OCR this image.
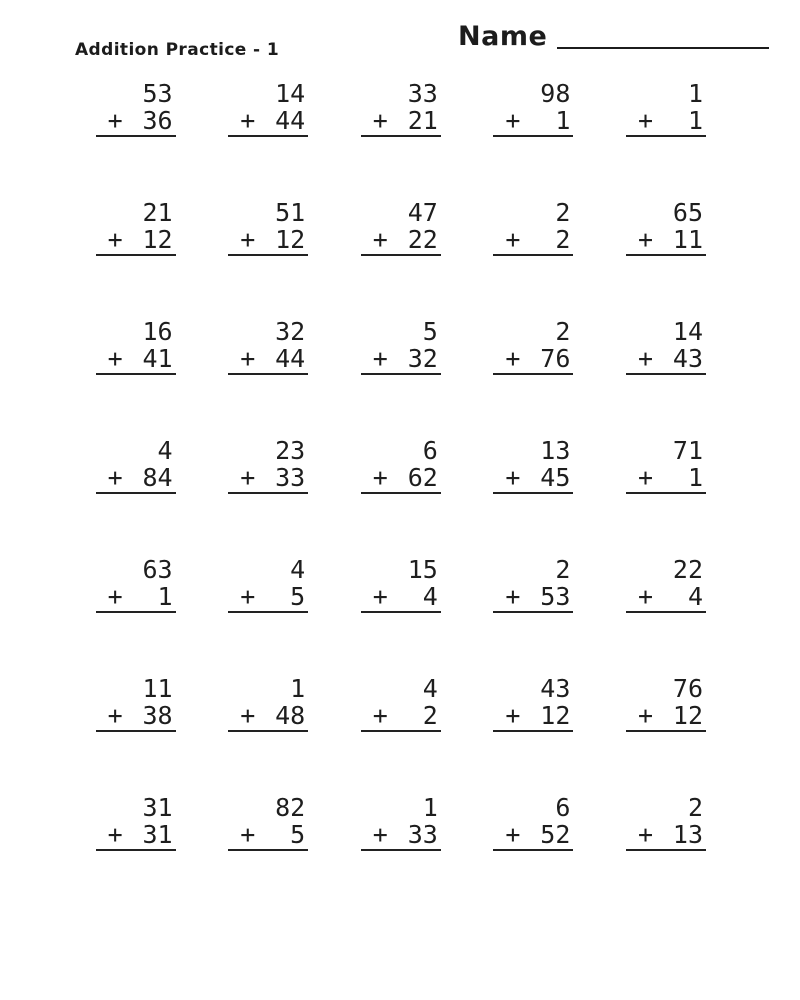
Addition Practice - 1	Name
53
+ 36
14
+ 44
33
+ 21
98
+ 1
1
+ 1
21
+ 12
51
+ 12
47
+ 22
2
+ 2
65
+ 11
16
+ 41
32
+ 44
5
+ 32
2
+ 76
14
+ 43
4
+ 84
23
+ 33
6
+ 62
13
+ 45
71
+ 1
63
+ 1
4
+ 5
15
+ 4
2
+ 53
22
+ 4
11
+ 38
1
+ 48
4
+ 2
43
+ 12
76
+ 12
31
+ 31
82
+ 5
1
+ 33
6
+ 52
2
+ 13
